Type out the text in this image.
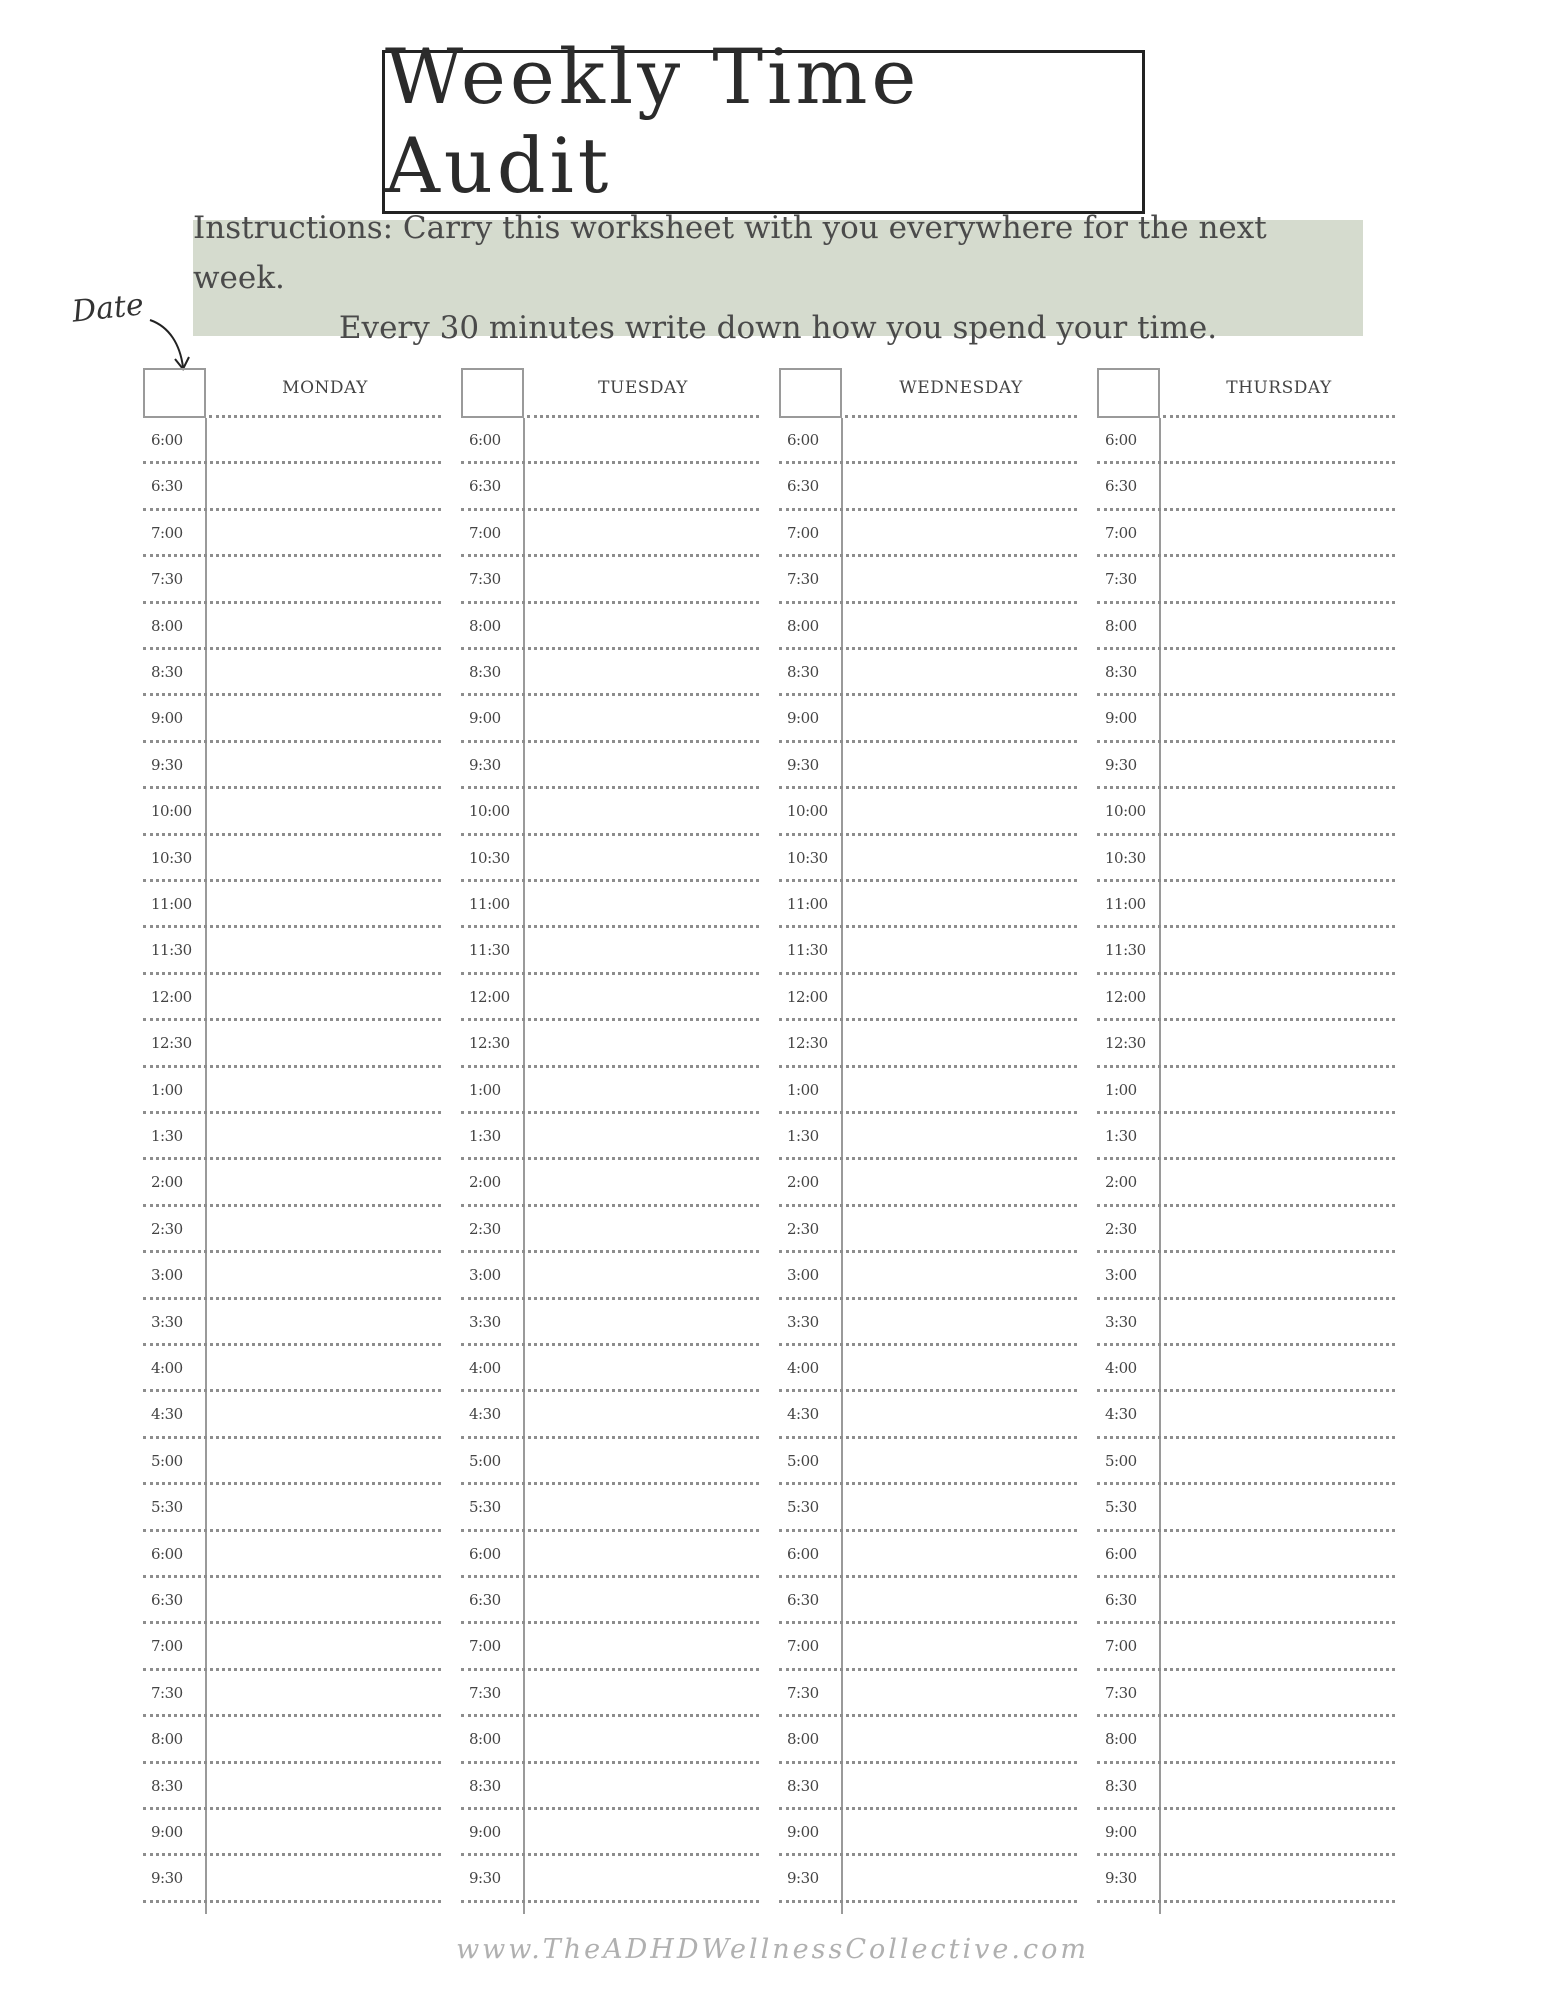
Weekly Time Audit
Instructions: Carry this worksheet with you everywhere for the next week.
Every 30 minutes write down how you spend your time.
Date
MONDAY
6:00
6:30
7:00
7:30
8:00
8:30
9:00
9:30
10:00
10:30
11:00
11:30
12:00
12:30
1:00
1:30
2:00
2:30
3:00
3:30
4:00
4:30
5:00
5:30
6:00
6:30
7:00
7:30
8:00
8:30
9:00
9:30
TUESDAY
6:00
6:30
7:00
7:30
8:00
8:30
9:00
9:30
10:00
10:30
11:00
11:30
12:00
12:30
1:00
1:30
2:00
2:30
3:00
3:30
4:00
4:30
5:00
5:30
6:00
6:30
7:00
7:30
8:00
8:30
9:00
9:30
WEDNESDAY
6:00
6:30
7:00
7:30
8:00
8:30
9:00
9:30
10:00
10:30
11:00
11:30
12:00
12:30
1:00
1:30
2:00
2:30
3:00
3:30
4:00
4:30
5:00
5:30
6:00
6:30
7:00
7:30
8:00
8:30
9:00
9:30
THURSDAY
6:00
6:30
7:00
7:30
8:00
8:30
9:00
9:30
10:00
10:30
11:00
11:30
12:00
12:30
1:00
1:30
2:00
2:30
3:00
3:30
4:00
4:30
5:00
5:30
6:00
6:30
7:00
7:30
8:00
8:30
9:00
9:30
www.TheADHDWellnessCollective.com
